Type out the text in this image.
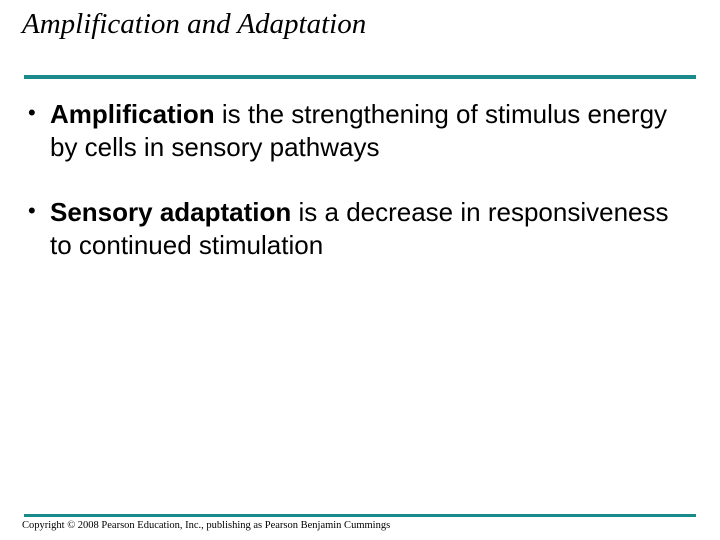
Amplification and Adaptation
• Amplification is the strengthening of stimulus energy by cells in sensory pathways
• Sensory adaptation is a decrease in responsiveness to continued stimulation
Copyright © 2008 Pearson Education, Inc., publishing as Pearson Benjamin Cummings
